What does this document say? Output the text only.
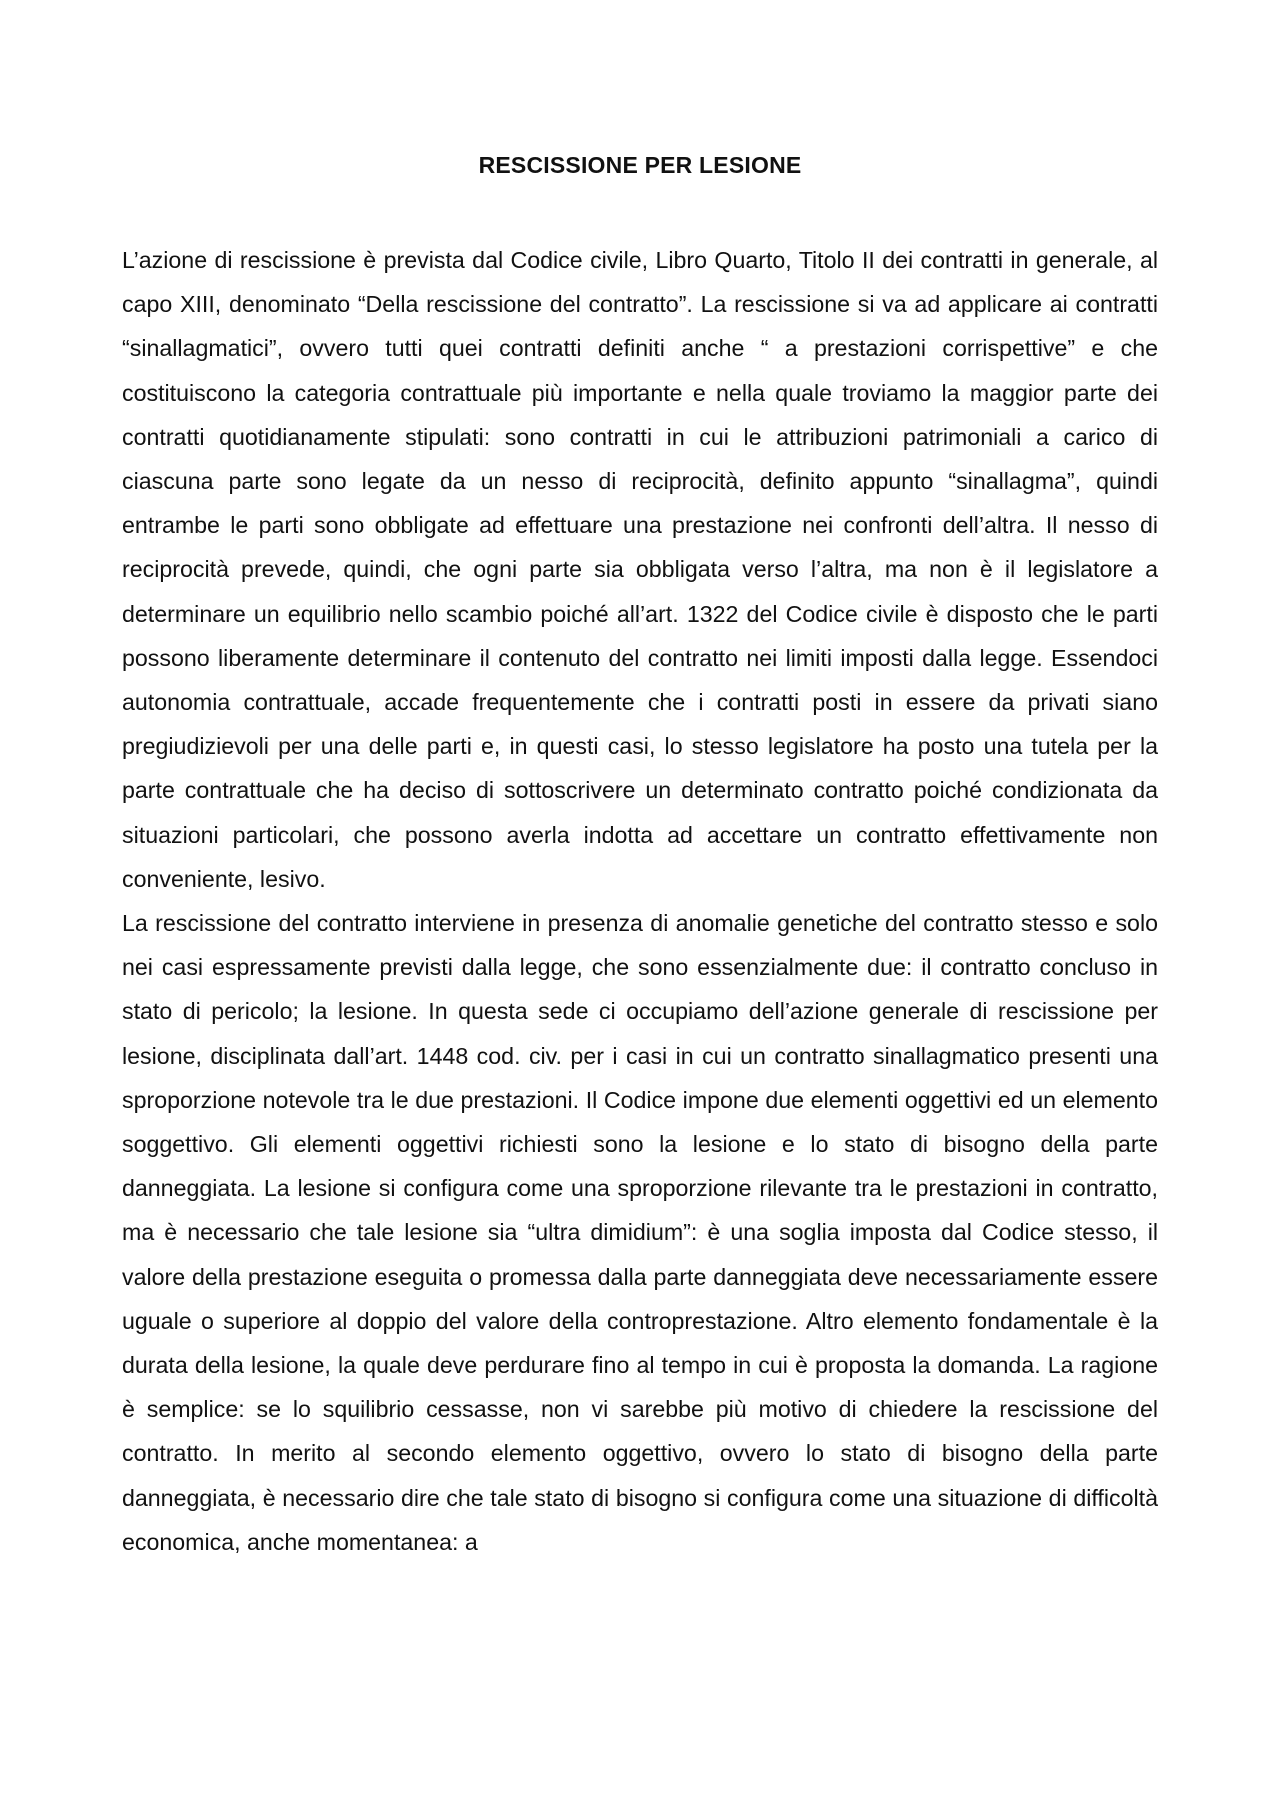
RESCISSIONE PER LESIONE

L’azione di rescissione è prevista dal Codice civile, Libro Quarto, Titolo II dei contratti in generale, al capo XIII, denominato “Della rescissione del contratto”. La rescissione si va ad applicare ai contratti “sinallagmatici”, ovvero tutti quei contratti definiti anche “ a prestazioni corrispettive” e che costituiscono la categoria contrattuale più importante e nella quale troviamo la maggior parte dei contratti quotidianamente stipulati: sono contratti in cui le attribuzioni patrimoniali a carico di ciascuna parte sono legate da un nesso di reciprocità, definito appunto “sinallagma”, quindi entrambe le parti sono obbligate ad effettuare una prestazione nei confronti dell’altra. Il nesso di reciprocità prevede, quindi, che ogni parte sia obbligata verso l’altra, ma non è il legislatore a determinare un equilibrio nello scambio poiché all’art. 1322 del Codice civile è disposto che le parti possono liberamente determinare il contenuto del contratto nei limiti imposti dalla legge. Essendoci autonomia contrattuale, accade frequentemente che i contratti posti in essere da privati siano pregiudizievoli per una delle parti e, in questi casi, lo stesso legislatore ha posto una tutela per la parte contrattuale che ha deciso di sottoscrivere un determinato contratto poiché condizionata da situazioni particolari, che possono averla indotta ad accettare un contratto effettivamente non conveniente, lesivo.

La rescissione del contratto interviene in presenza di anomalie genetiche del contratto stesso e solo nei casi espressamente previsti dalla legge, che sono essenzialmente due: il contratto concluso in stato di pericolo; la lesione. In questa sede ci occupiamo dell’azione generale di rescissione per lesione, disciplinata dall’art. 1448 cod. civ. per i casi in cui un contratto sinallagmatico presenti una sproporzione notevole tra le due prestazioni. Il Codice impone due elementi oggettivi ed un elemento soggettivo. Gli elementi oggettivi richiesti sono la lesione e lo stato di bisogno della parte danneggiata. La lesione si configura come una sproporzione rilevante tra le prestazioni in contratto, ma è necessario che tale lesione sia “ultra dimidium”: è una soglia imposta dal Codice stesso, il valore della prestazione eseguita o promessa dalla parte danneggiata deve necessariamente essere uguale o superiore al doppio del valore della controprestazione. Altro elemento fondamentale è la durata della lesione, la quale deve perdurare fino al tempo in cui è proposta la domanda. La ragione è semplice: se lo squilibrio cessasse, non vi sarebbe più motivo di chiedere la rescissione del contratto. In merito al secondo elemento oggettivo, ovvero lo stato di bisogno della parte danneggiata, è necessario dire che tale stato di bisogno si configura come una situazione di difficoltà economica, anche momentanea: a
